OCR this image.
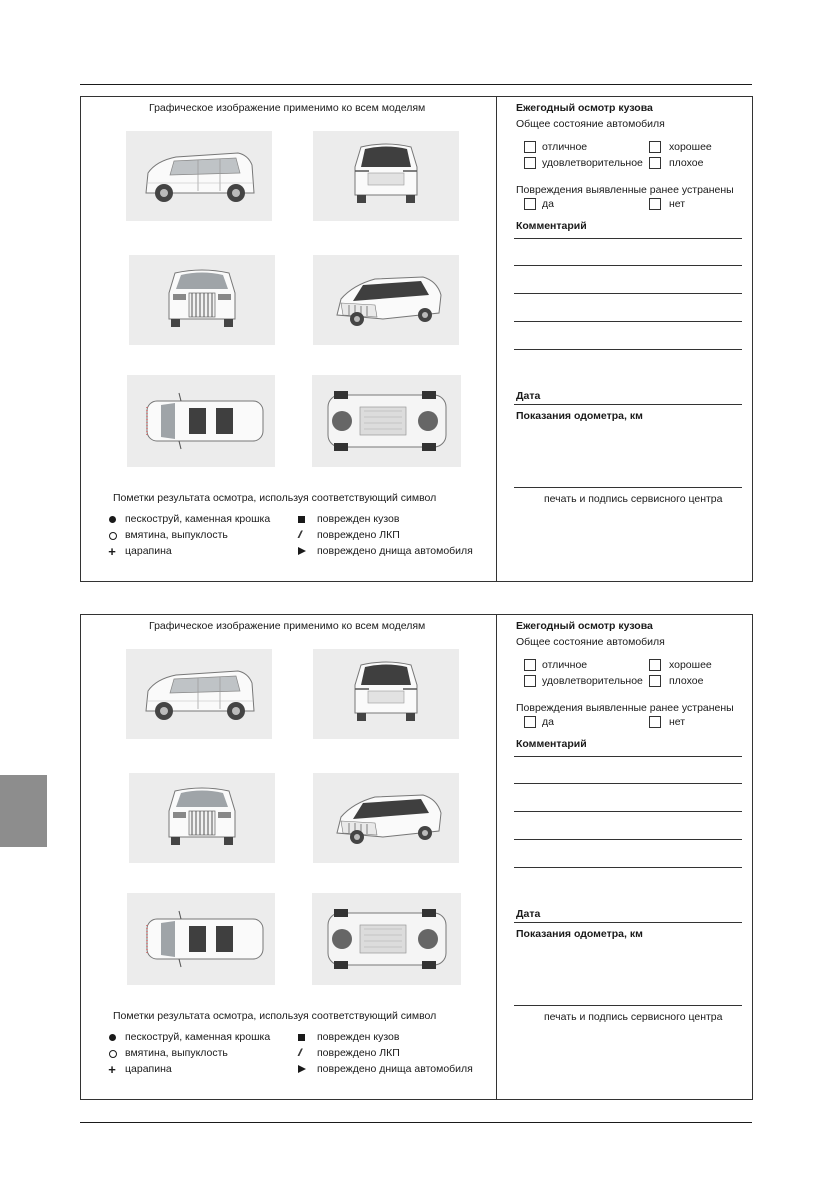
Графическое изображение применимо ко всем моделям
Пометки результата осмотра, используя соответствующий символ
пескоструй, каменная крошка
вмятина, выпуклость
+ царапина
поврежден кузов
//	повреждено ЛКП
повреждено днища автомобиля
Ежегодный осмотр кузова
Общее состояние автомобиля
отличное	хорошее
удовлетворительное плохое
Повреждения выявленные ранее устранены
да	нет
Комментарий
Дата
Показания одометра, км
печать и подпись сервисного центра
Графическое изображение применимо ко всем моделям
Пометки результата осмотра, используя соответствующий символ
пескоструй, каменная крошка
вмятина, выпуклость
+ царапина
поврежден кузов
//	повреждено ЛКП
повреждено днища автомобиля
Ежегодный осмотр кузова
Общее состояние автомобиля
отличное	хорошее
удовлетворительное плохое
Повреждения выявленные ранее устранены
да	нет
Комментарий
Дата
Показания одометра, км
печать и подпись сервисного центра
